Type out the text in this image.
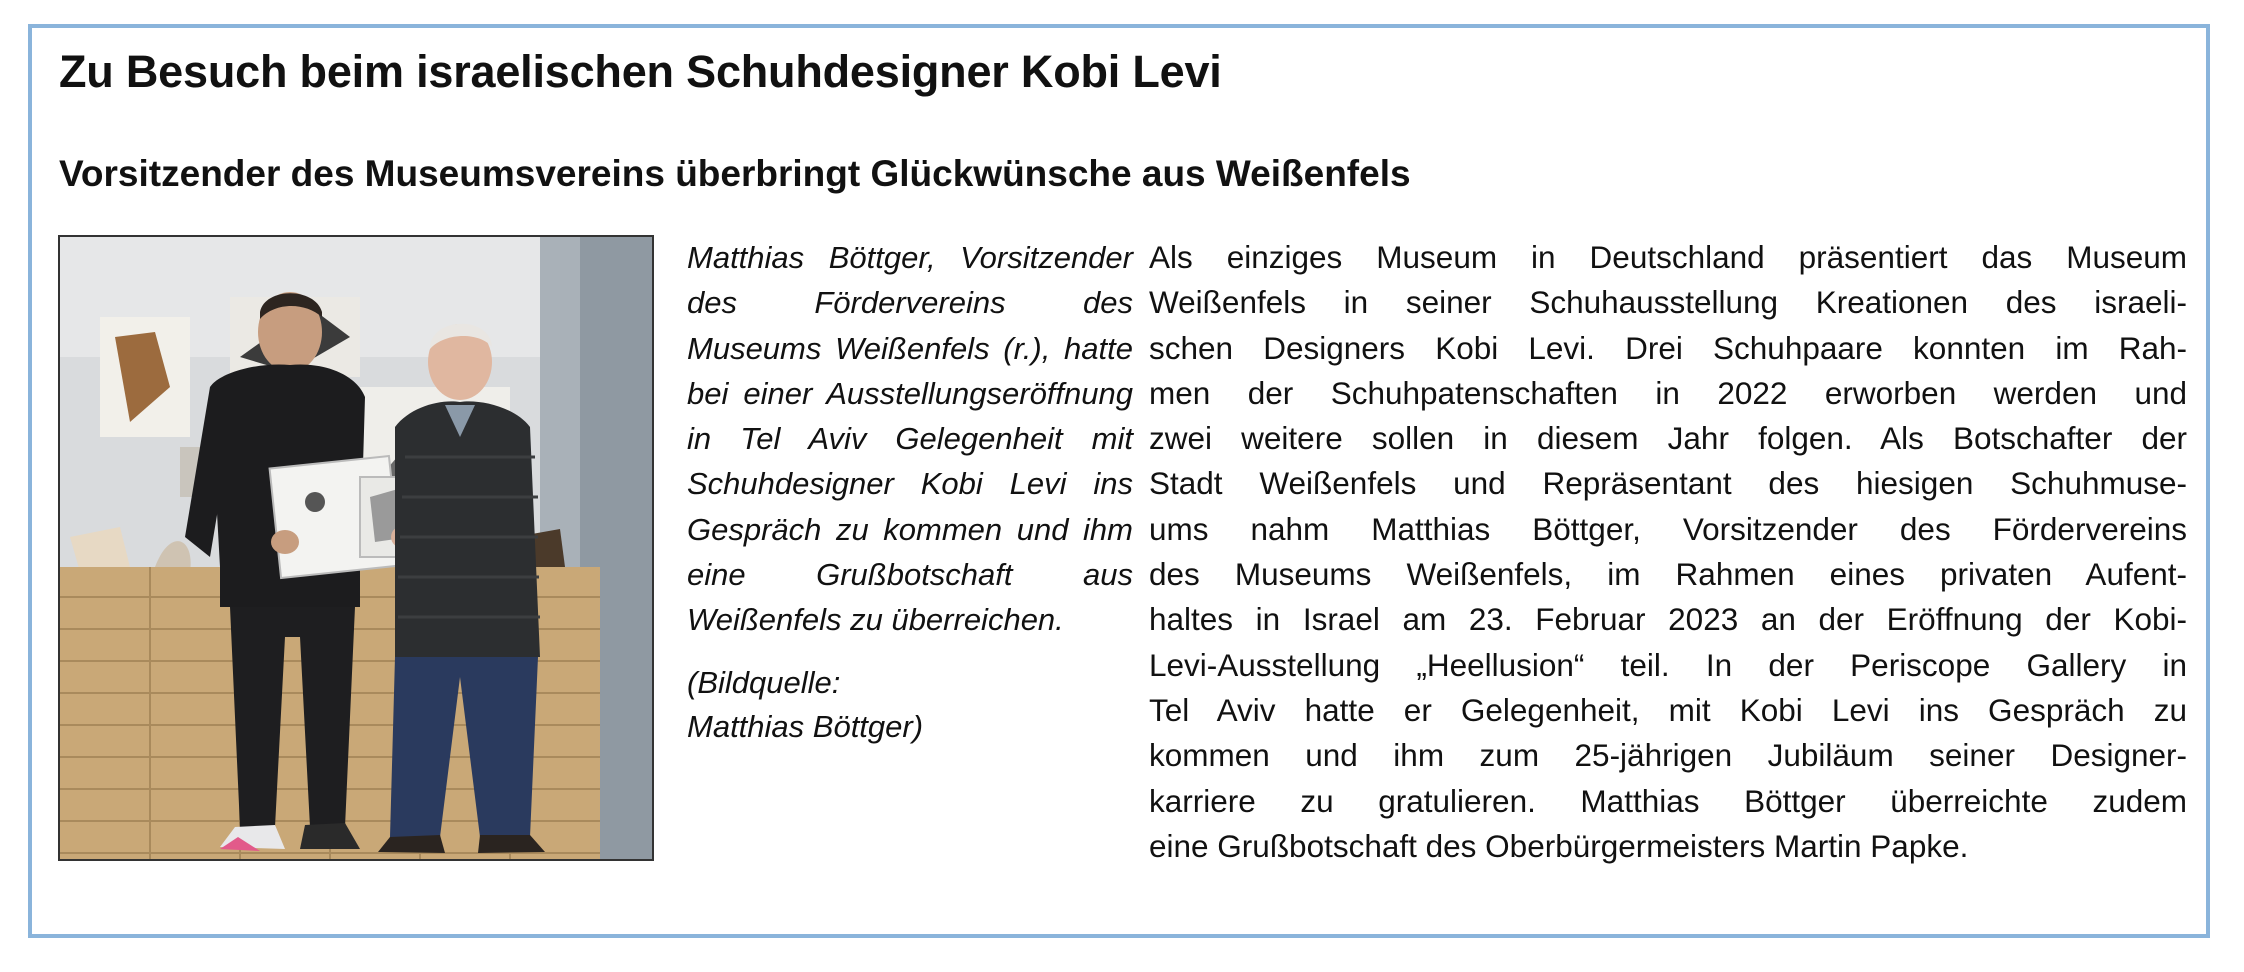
Zu Besuch beim israelischen Schuhdesigner Kobi Levi
Vorsitzender des Museumsvereins überbringt Glückwünsche aus Weißenfels

Matthias Böttger, Vorsitzender des Fördervereins des Museums Weißenfels (r.), hatte bei einer Ausstellungseröffnung in Tel Aviv Gelegenheit mit Schuhdesigner Kobi Levi ins Gespräch zu kommen und ihm eine Grußbotschaft aus Weißenfels zu überreichen.

(Bildquelle:
Matthias Böttger)

Als einziges Museum in Deutschland präsentiert das Museum
Weißenfels in seiner Schuhausstellung Kreationen des israeli-
schen Designers Kobi Levi. Drei Schuhpaare konnten im Rah-
men der Schuhpatenschaften in 2022 erworben werden und
zwei weitere sollen in diesem Jahr folgen. Als Botschafter der
Stadt Weißenfels und Repräsentant des hiesigen Schuhmuse-
ums nahm Matthias Böttger, Vorsitzender des Fördervereins
des Museums Weißenfels, im Rahmen eines privaten Aufent-
haltes in Israel am 23. Februar 2023 an der Eröffnung der Kobi-
Levi-Ausstellung „Heellusion“ teil. In der Periscope Gallery in
Tel Aviv hatte er Gelegenheit, mit Kobi Levi ins Gespräch zu
kommen und ihm zum 25-jährigen Jubiläum seiner Designer-
karriere zu gratulieren. Matthias Böttger überreichte zudem
eine Grußbotschaft des Oberbürgermeisters Martin Papke.
